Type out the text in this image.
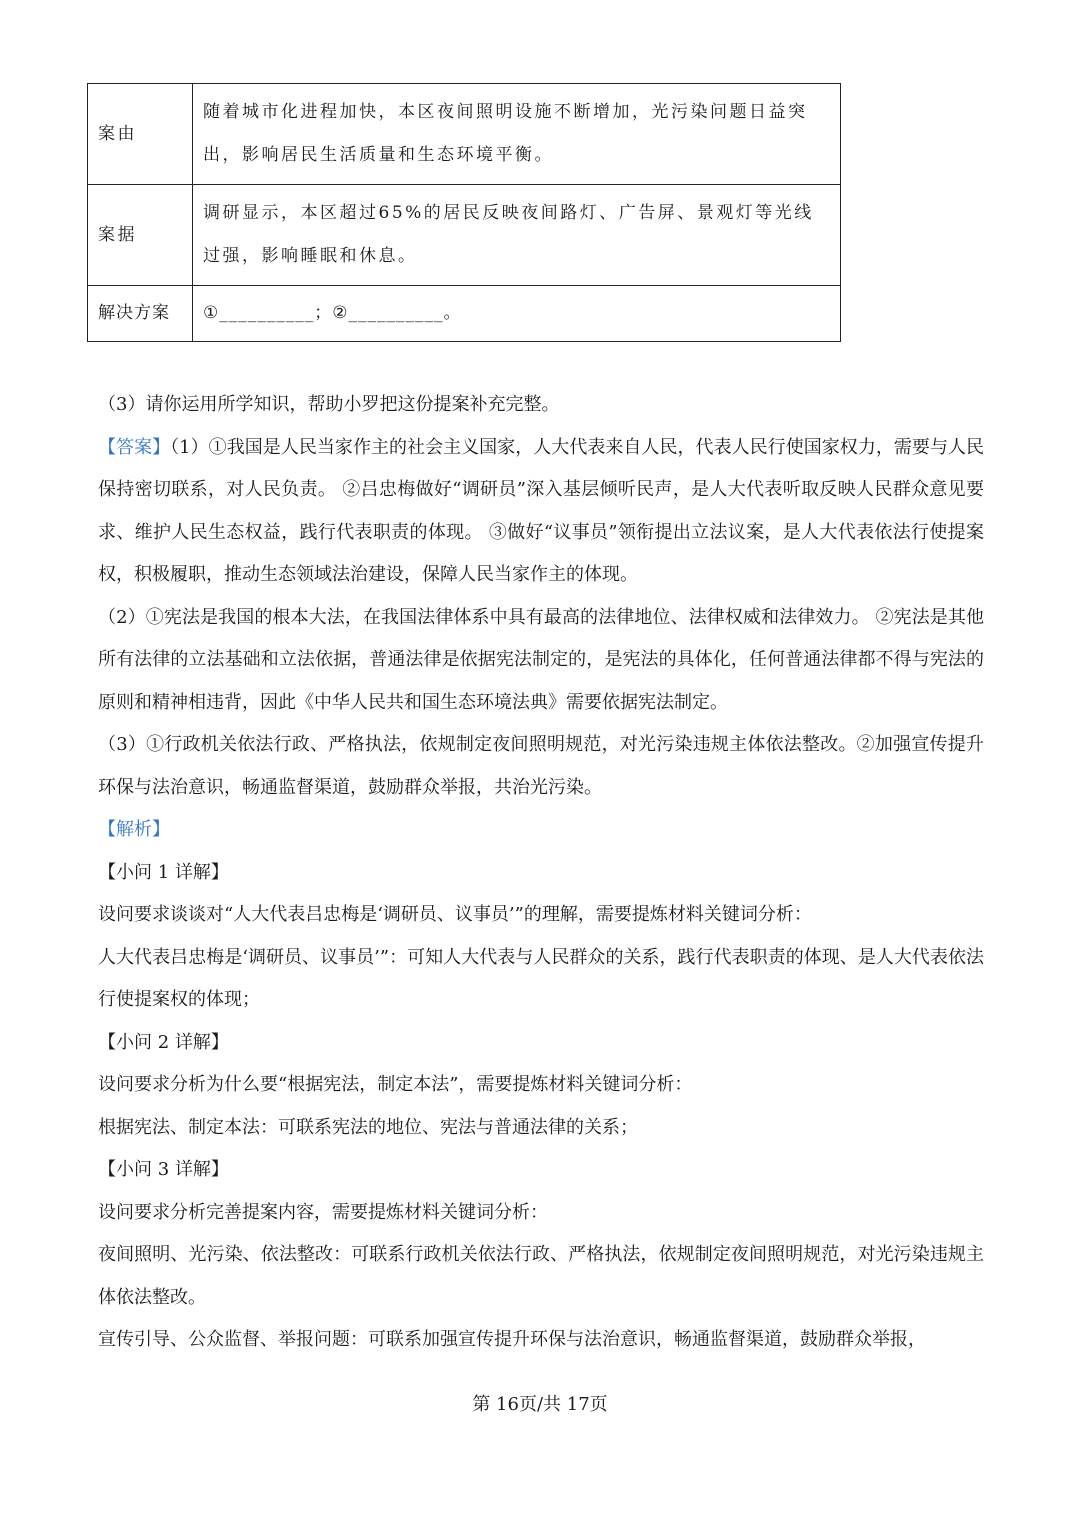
案由	随着城市化进程加快，本区夜间照明设施不断增加，光污染问题日益突出，影响居民生活质量和生态环境平衡。
案据	调研显示，本区超过65%的居民反映夜间路灯、广告屏、景观灯等光线过强，影响睡眠和休息。
解决方案	①__________；②__________。

（3）请你运用所学知识，帮助小罗把这份提案补充完整。

【答案】（1）①我国是人民当家作主的社会主义国家，人大代表来自人民，代表人民行使国家权力，需要与人民保持密切联系，对人民负责。 ②吕忠梅做好“调研员”深入基层倾听民声，是人大代表听取反映人民群众意见要求、维护人民生态权益，践行代表职责的体现。 ③做好“议事员”领衔提出立法议案，是人大代表依法行使提案权，积极履职，推动生态领域法治建设，保障人民当家作主的体现。

（2）①宪法是我国的根本大法，在我国法律体系中具有最高的法律地位、法律权威和法律效力。 ②宪法是其他所有法律的立法基础和立法依据，普通法律是依据宪法制定的，是宪法的具体化，任何普通法律都不得与宪法的原则和精神相违背，因此《中华人民共和国生态环境法典》需要依据宪法制定。

（3）①行政机关依法行政、严格执法，依规制定夜间照明规范，对光污染违规主体依法整改。②加强宣传提升环保与法治意识，畅通监督渠道，鼓励群众举报，共治光污染。

【解析】

【小问 1 详解】

设问要求谈谈对“人大代表吕忠梅是‘调研员、议事员’”的理解，需要提炼材料关键词分析：

人大代表吕忠梅是‘调研员、议事员’”：可知人大代表与人民群众的关系，践行代表职责的体现、是人大代表依法行使提案权的体现；

【小问 2 详解】

设问要求分析为什么要“根据宪法，制定本法”，需要提炼材料关键词分析：

根据宪法、制定本法：可联系宪法的地位、宪法与普通法律的关系；

【小问 3 详解】

设问要求分析完善提案内容，需要提炼材料关键词分析：

夜间照明、光污染、依法整改：可联系行政机关依法行政、严格执法，依规制定夜间照明规范，对光污染违规主体依法整改。

宣传引导、公众监督、举报问题：可联系加强宣传提升环保与法治意识，畅通监督渠道，鼓励群众举报，

第 16页/共 17页
